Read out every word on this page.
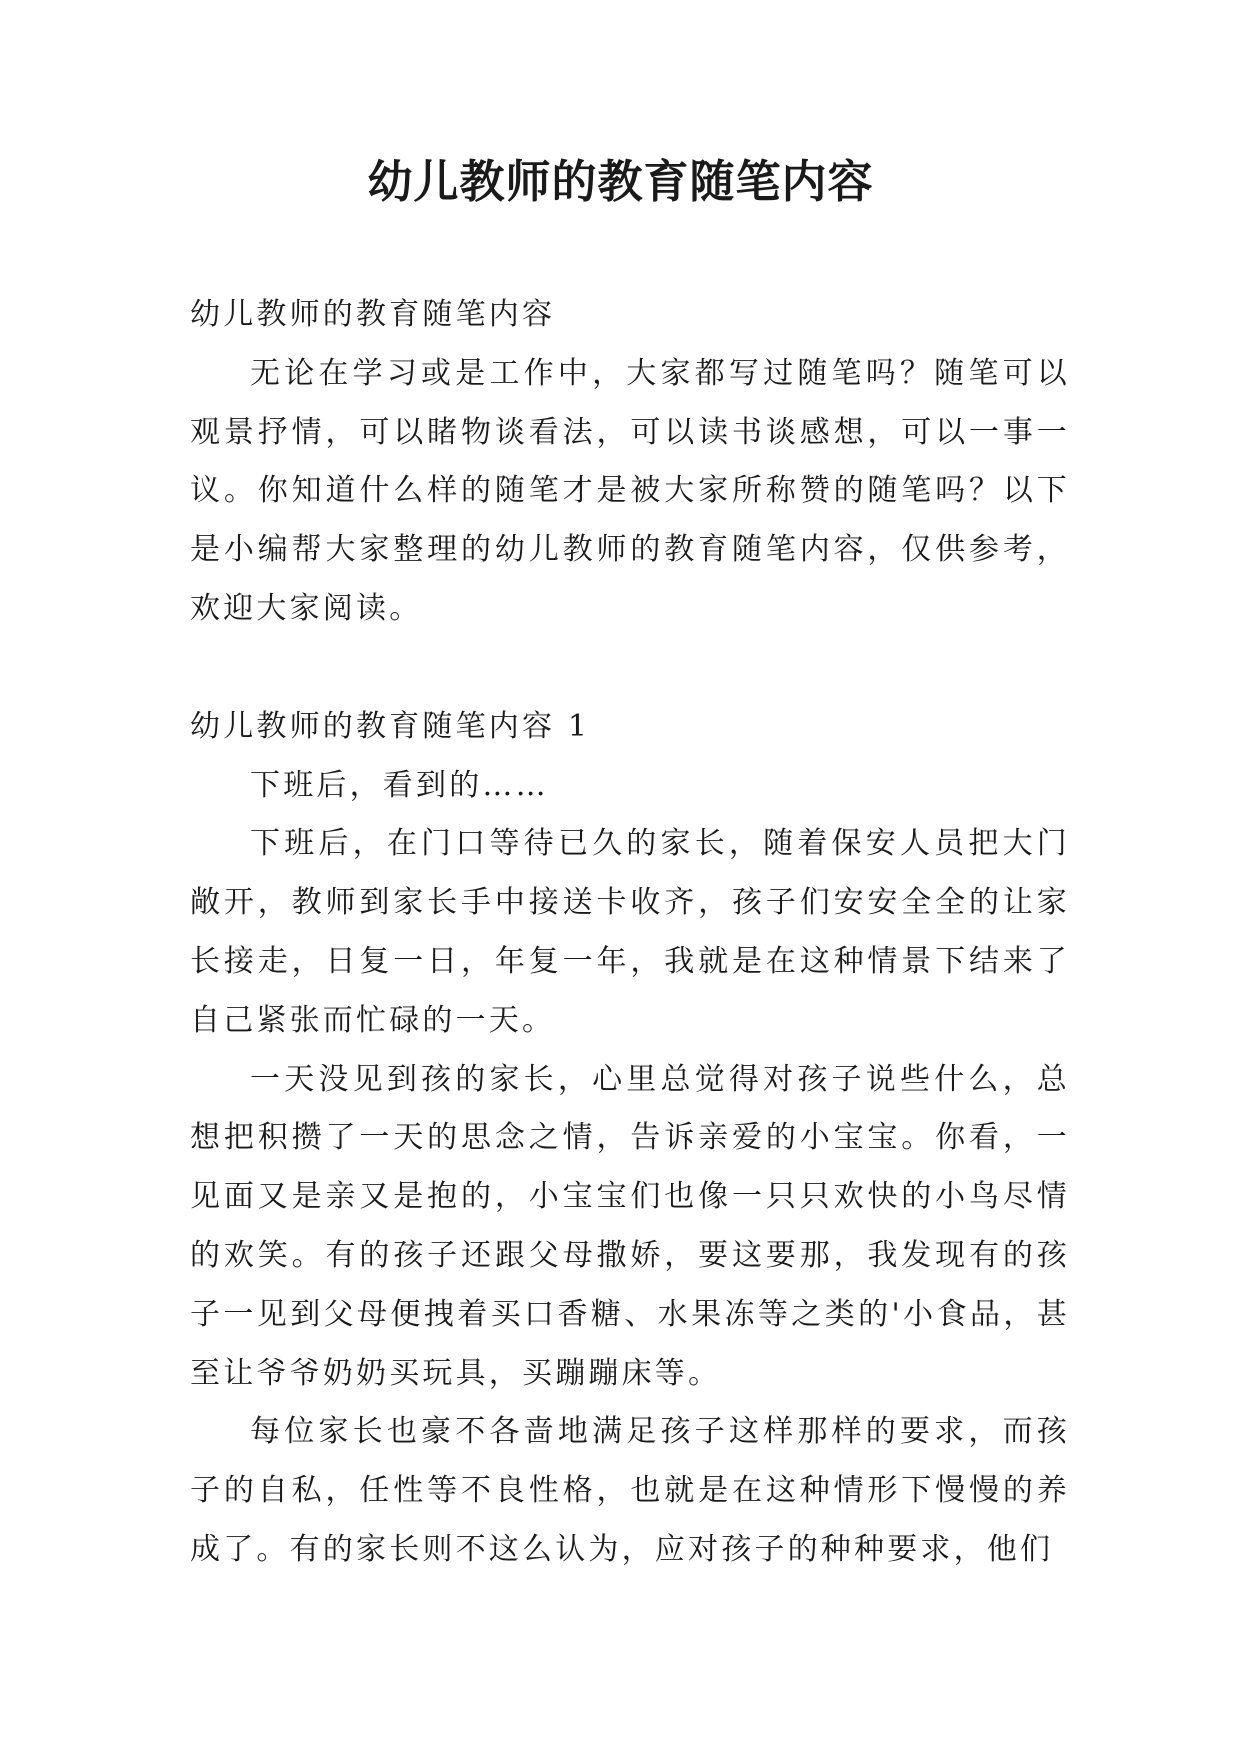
幼儿教师的教育随笔内容

幼儿教师的教育随笔内容

无论在学习或是工作中，大家都写过随笔吗？随笔可以观景抒情，可以睹物谈看法，可以读书谈感想，可以一事一议。你知道什么样的随笔才是被大家所称赞的随笔吗？以下是小编帮大家整理的幼儿教师的教育随笔内容，仅供参考，欢迎大家阅读。

幼儿教师的教育随笔内容 1

下班后，看到的……

下班后，在门口等待已久的家长，随着保安人员把大门敞开，教师到家长手中接送卡收齐，孩子们安安全全的让家长接走，日复一日，年复一年，我就是在这种情景下结来了自己紧张而忙碌的一天。

一天没见到孩的家长，心里总觉得对孩子说些什么，总想把积攒了一天的思念之情，告诉亲爱的小宝宝。你看，一见面又是亲又是抱的，小宝宝们也像一只只欢快的小鸟尽情的欢笑。有的孩子还跟父母撒娇，要这要那，我发现有的孩子一见到父母便拽着买口香糖、水果冻等之类的'小食品，甚至让爷爷奶奶买玩具，买蹦蹦床等。

每位家长也豪不各啬地满足孩子这样那样的要求，而孩子的自私，任性等不良性格，也就是在这种情形下慢慢的养成了。有的家长则不这么认为，应对孩子的种种要求，他们
